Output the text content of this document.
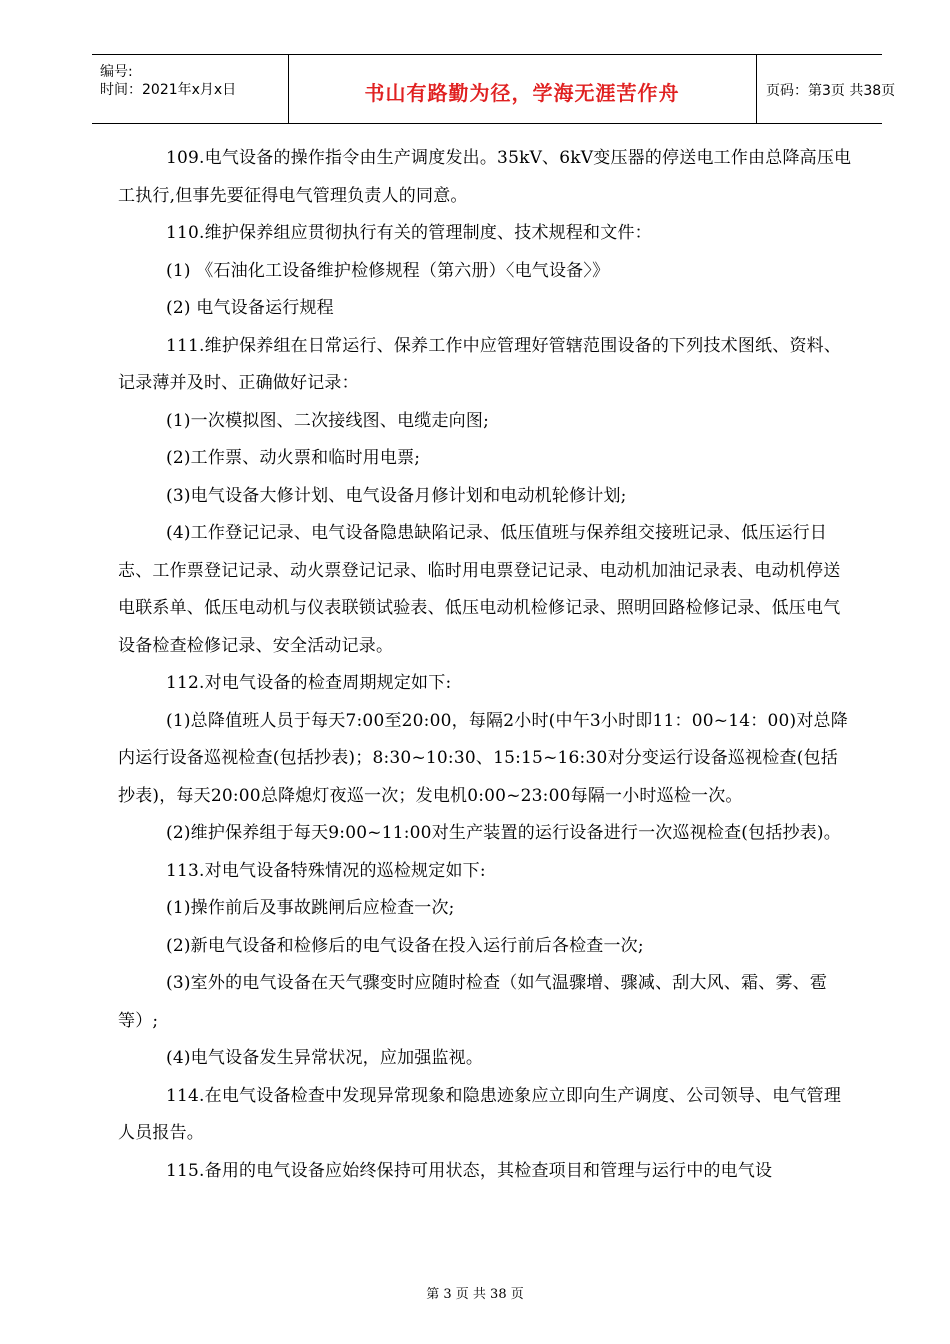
编号:
时间：2021年x月x日	书山有路勤为径，学海无涯苦作舟	页码：第3页 共38页

109.电气设备的操作指令由生产调度发出。35kV、6kV变压器的停送电工作由总降高压电工执行,但事先要征得电气管理负责人的同意。

110.维护保养组应贯彻执行有关的管理制度、技术规程和文件：

(1) 《石油化工设备维护检修规程（第六册）〈电气设备〉》

(2) 电气设备运行规程

111.维护保养组在日常运行、保养工作中应管理好管辖范围设备的下列技术图纸、资料、记录薄并及时、正确做好记录：

(1)一次模拟图、二次接线图、电缆走向图;

(2)工作票、动火票和临时用电票;

(3)电气设备大修计划、电气设备月修计划和电动机轮修计划;

(4)工作登记记录、电气设备隐患缺陷记录、低压值班与保养组交接班记录、低压运行日志、工作票登记记录、动火票登记记录、临时用电票登记记录、电动机加油记录表、电动机停送电联系单、低压电动机与仪表联锁试验表、低压电动机检修记录、照明回路检修记录、低压电气设备检查检修记录、安全活动记录。

112.对电气设备的检查周期规定如下:

(1)总降值班人员于每天7:00至20:00，每隔2小时(中午3小时即11：00~14：00)对总降内运行设备巡视检查(包括抄表)；8:30~10:30、15:15~16:30对分变运行设备巡视检查(包括抄表)，每天20:00总降熄灯夜巡一次；发电机0:00~23:00每隔一小时巡检一次。

(2)维护保养组于每天9:00~11:00对生产装置的运行设备进行一次巡视检查(包括抄表)。

113.对电气设备特殊情况的巡检规定如下:

(1)操作前后及事故跳闸后应检查一次;

(2)新电气设备和检修后的电气设备在投入运行前后各检查一次;

(3)室外的电气设备在天气骤变时应随时检查（如气温骤增、骤减、刮大风、霜、雾、雹等）;

(4)电气设备发生异常状况，应加强监视。

114.在电气设备检查中发现异常现象和隐患迹象应立即向生产调度、公司领导、电气管理人员报告。

115.备用的电气设备应始终保持可用状态，其检查项目和管理与运行中的电气设

第 3 页 共 38 页
